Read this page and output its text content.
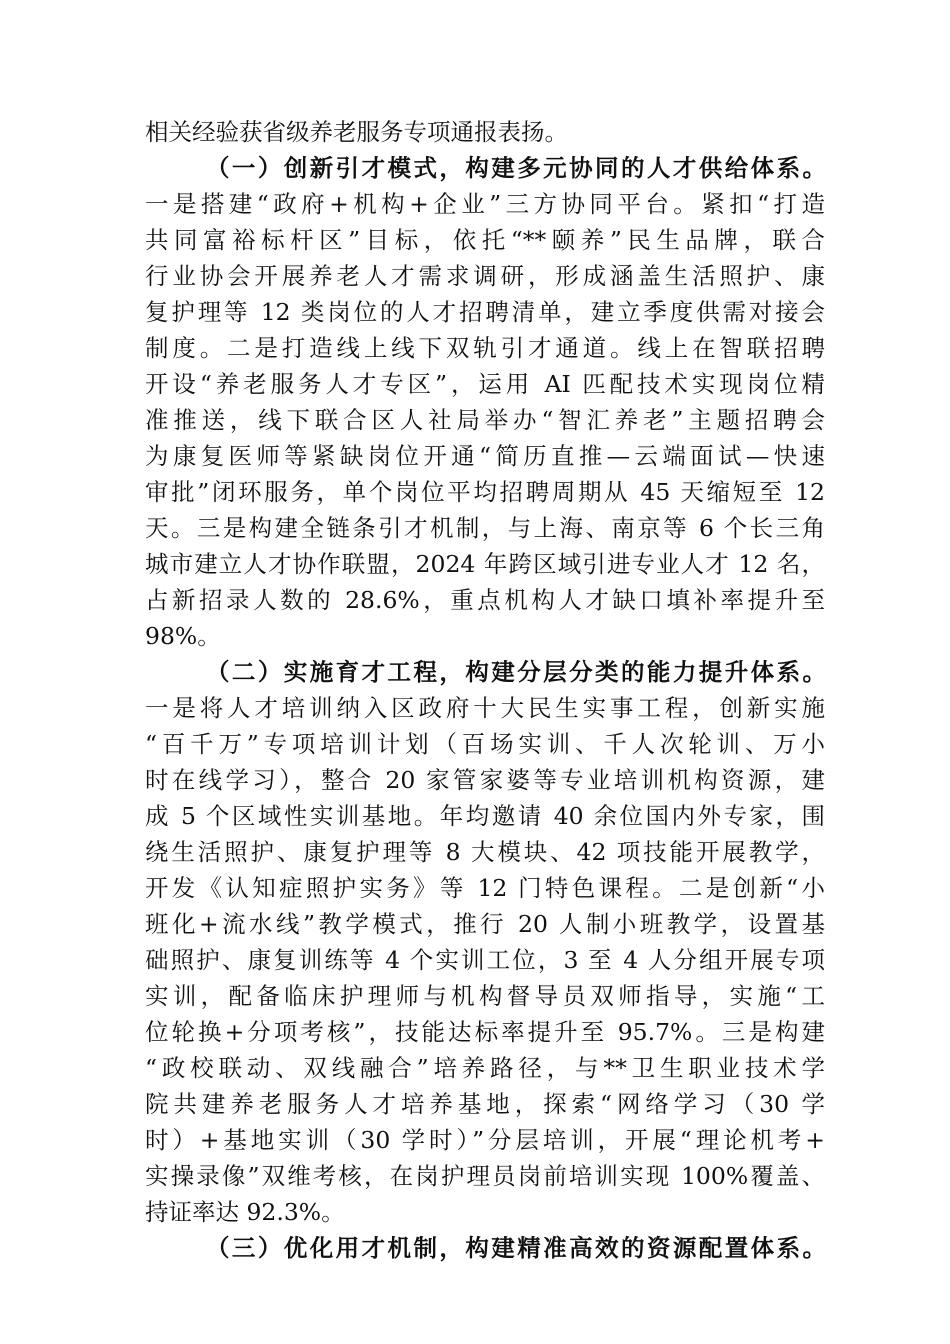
相关经验获省级养老服务专项通报表扬。
（一）创新引才模式，构建多元协同的人才供给体系。
一是搭建“政府+机构+企业”三方协同平台。紧扣“打造
共同富裕标杆区”目标，依托“**颐养”民生品牌，联合
行业协会开展养老人才需求调研，形成涵盖生活照护、康
复护理等 12 类岗位的人才招聘清单，建立季度供需对接会
制度。二是打造线上线下双轨引才通道。线上在智联招聘
开设“养老服务人才专区”，运用 AI 匹配技术实现岗位精
准推送，线下联合区人社局举办“智汇养老”主题招聘会
为康复医师等紧缺岗位开通“简历直推—云端面试—快速
审批”闭环服务，单个岗位平均招聘周期从 45 天缩短至 12
天。三是构建全链条引才机制，与上海、南京等 6 个长三角
城市建立人才协作联盟，2024 年跨区域引进专业人才 12 名，
占新招录人数的 28.6%，重点机构人才缺口填补率提升至
98%。
（二）实施育才工程，构建分层分类的能力提升体系。
一是将人才培训纳入区政府十大民生实事工程，创新实施
“百千万”专项培训计划（百场实训、千人次轮训、万小
时在线学习），整合 20 家管家婆等专业培训机构资源，建
成 5 个区域性实训基地。年均邀请 40 余位国内外专家，围
绕生活照护、康复护理等 8 大模块、42 项技能开展教学，
开发《认知症照护实务》等 12 门特色课程。二是创新“小
班化+流水线”教学模式，推行 20 人制小班教学，设置基
础照护、康复训练等 4 个实训工位，3 至 4 人分组开展专项
实训，配备临床护理师与机构督导员双师指导，实施“工
位轮换+分项考核”，技能达标率提升至 95.7%。三是构建
“政校联动、双线融合”培养路径，与**卫生职业技术学
院共建养老服务人才培养基地，探索“网络学习（30 学
时）+基地实训（30 学时）”分层培训，开展“理论机考+
实操录像”双维考核，在岗护理员岗前培训实现 100%覆盖、
持证率达 92.3%。
（三）优化用才机制，构建精准高效的资源配置体系。
